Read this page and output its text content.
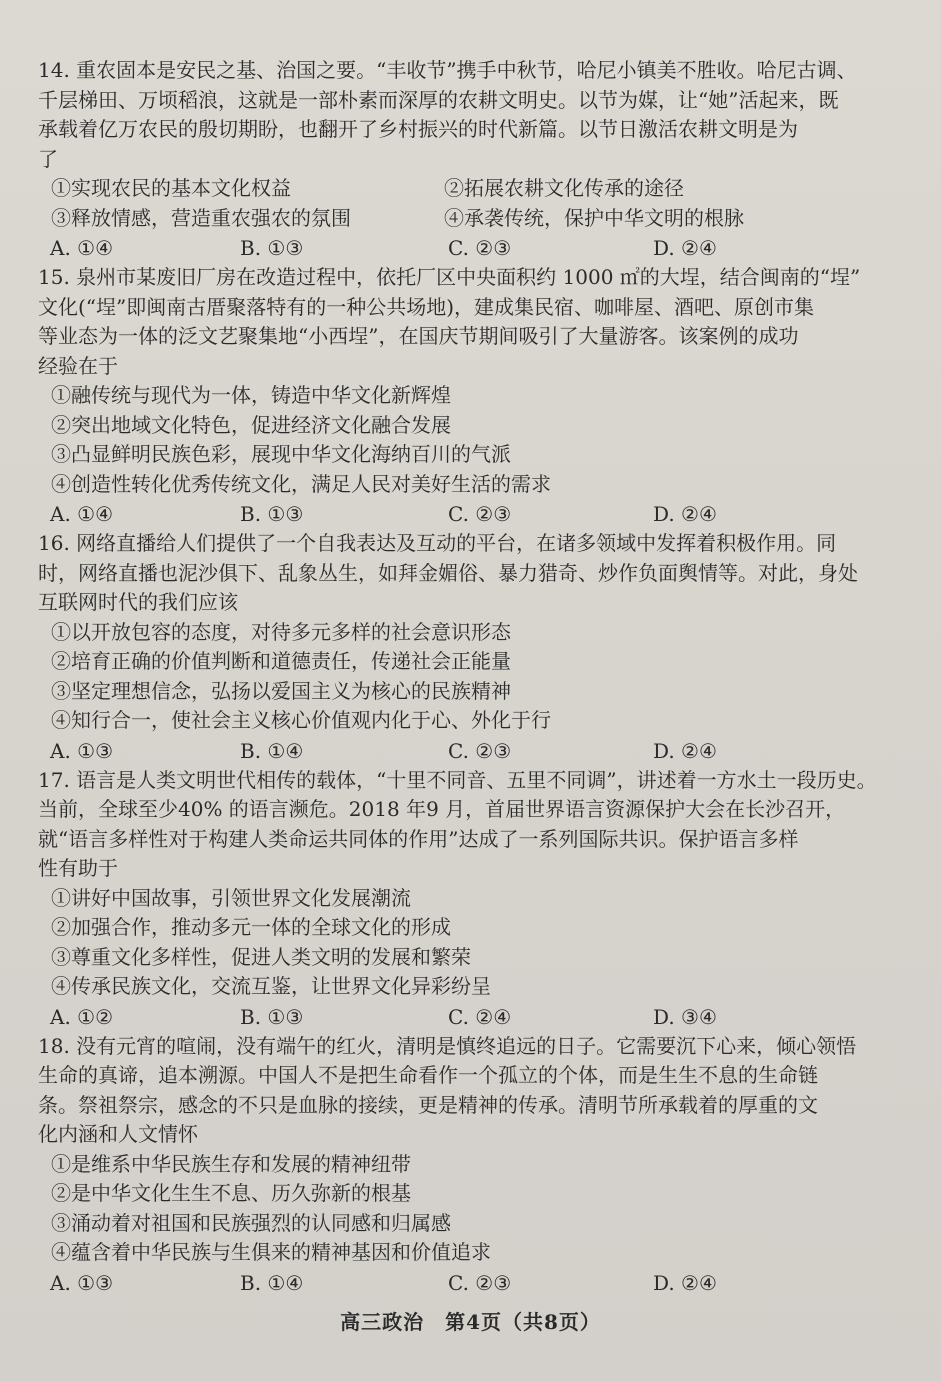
14. 重农固本是安民之基、治国之要。“丰收节”携手中秋节，哈尼小镇美不胜收。哈尼古调、
千层梯田、万顷稻浪，这就是一部朴素而深厚的农耕文明史。以节为媒，让“她”活起来，既
承载着亿万农民的殷切期盼，也翻开了乡村振兴的时代新篇。以节日激活农耕文明是为
了
①实现农民的基本文化权益	②拓展农耕文化传承的途径
③释放情感，营造重农强农的氛围	④承袭传统，保护中华文明的根脉
A. ①④	B. ①③	C. ②③	D. ②④
15. 泉州市某废旧厂房在改造过程中，依托厂区中央面积约 1000 ㎡的大埕，结合闽南的“埕”
文化(“埕”即闽南古厝聚落特有的一种公共场地)，建成集民宿、咖啡屋、酒吧、原创市集
等业态为一体的泛文艺聚集地“小西埕”，在国庆节期间吸引了大量游客。该案例的成功
经验在于
①融传统与现代为一体，铸造中华文化新辉煌
②突出地域文化特色，促进经济文化融合发展
③凸显鲜明民族色彩，展现中华文化海纳百川的气派
④创造性转化优秀传统文化，满足人民对美好生活的需求
A. ①④	B. ①③	C. ②③	D. ②④
16. 网络直播给人们提供了一个自我表达及互动的平台，在诸多领域中发挥着积极作用。同
时，网络直播也泥沙俱下、乱象丛生，如拜金媚俗、暴力猎奇、炒作负面舆情等。对此，身处
互联网时代的我们应该
①以开放包容的态度，对待多元多样的社会意识形态
②培育正确的价值判断和道德责任，传递社会正能量
③坚定理想信念，弘扬以爱国主义为核心的民族精神
④知行合一，使社会主义核心价值观内化于心、外化于行
A. ①③	B. ①④	C. ②③	D. ②④
17. 语言是人类文明世代相传的载体，“十里不同音、五里不同调”，讲述着一方水土一段历史。
当前，全球至少40% 的语言濒危。2018 年9 月，首届世界语言资源保护大会在长沙召开，
就“语言多样性对于构建人类命运共同体的作用”达成了一系列国际共识。保护语言多样
性有助于
①讲好中国故事，引领世界文化发展潮流
②加强合作，推动多元一体的全球文化的形成
③尊重文化多样性，促进人类文明的发展和繁荣
④传承民族文化，交流互鉴，让世界文化异彩纷呈
A. ①②	B. ①③	C. ②④	D. ③④
18. 没有元宵的喧闹，没有端午的红火，清明是慎终追远的日子。它需要沉下心来，倾心领悟
生命的真谛，追本溯源。中国人不是把生命看作一个孤立的个体，而是生生不息的生命链
条。祭祖祭宗，感念的不只是血脉的接续，更是精神的传承。清明节所承载着的厚重的文
化内涵和人文情怀
①是维系中华民族生存和发展的精神纽带
②是中华文化生生不息、历久弥新的根基
③涌动着对祖国和民族强烈的认同感和归属感
④蕴含着中华民族与生俱来的精神基因和价值追求
A. ①③	B. ①④	C. ②③	D. ②④
高三政治　第4页（共8页）
